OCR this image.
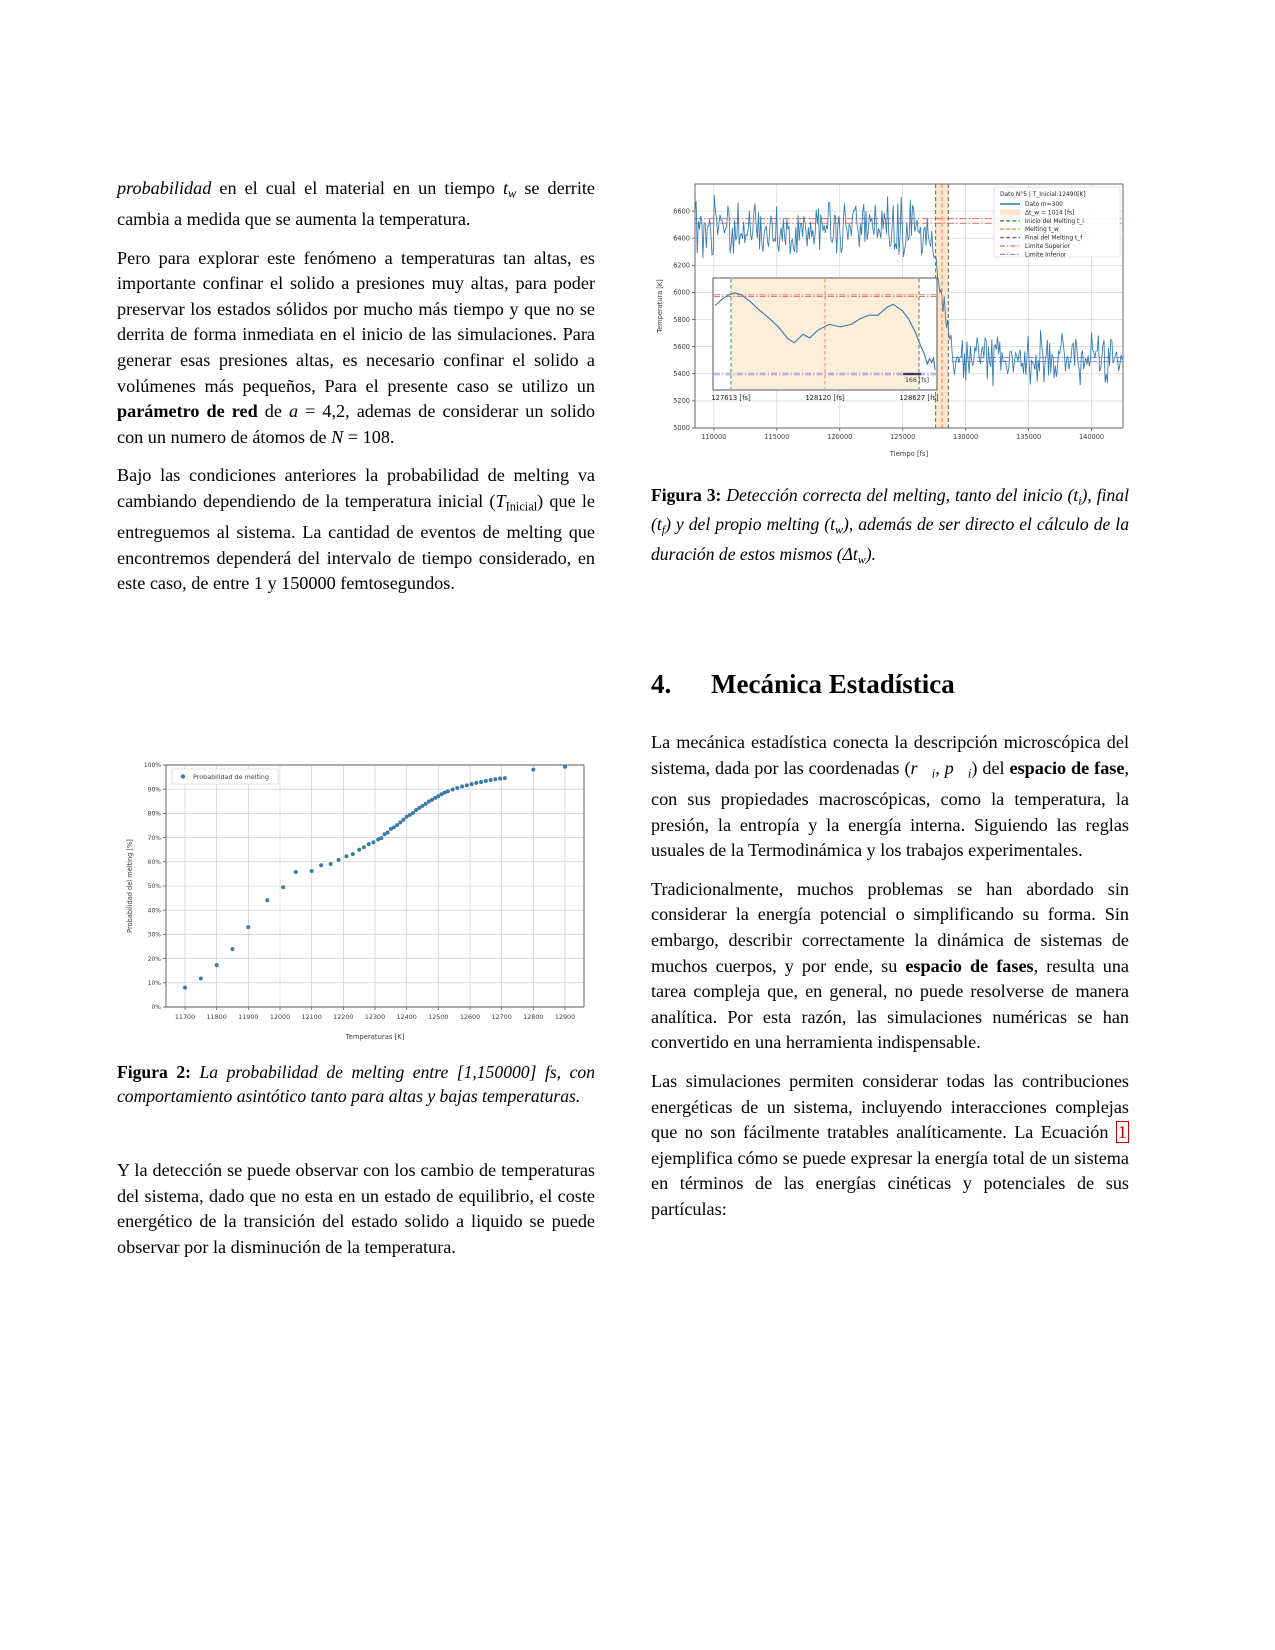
probabilidad en el cual el material en un tiempo tw se derrite cambia a medida que se aumenta la temperatura.

Pero para explorar este fenómeno a temperaturas tan altas, es importante confinar el solido a presiones muy altas, para poder preservar los estados sólidos por mucho más tiempo y que no se derrita de forma inmediata en el inicio de las simulaciones. Para generar esas presiones altas, es necesario confinar el solido a volúmenes más pequeños, Para el presente caso se utilizo un parámetro de red de a = 4,2, ademas de considerar un solido con un numero de átomos de N = 108.

Bajo las condiciones anteriores la probabilidad de melting va cambiando dependiendo de la temperatura inicial $(T_{Inicial})$ que le entreguemos al sistema. La cantidad de eventos de melting que encontremos dependerá del intervalo de tiempo considerado, en este caso, de entre 1 y 150000 femtosegundos.

0%
10%
20%
30%
40%
50%
60%
70%
80%
90%
100%
11700 11800 11900 12000 12100 12200 12300 12400 12500 12600 12700 12800 12900
Temperaturas [K]
Probabilidad del melting [%]
Probabilidad de melting

Figura 2: La probabilidad de melting entre [1,150000] fs, con comportamiento asintótico tanto para altas y bajas temperaturas.

Y la detección se puede observar con los cambio de temperaturas del sistema, dado que no esta en un estado de equilibrio, el coste energético de la transición del estado solido a liquido se puede observar por la disminución de la temperatura.

5000
5200
5400
5600
5800
6000
6200
6400
6600
110000	115000	120000	125000	130000	135000	140000
Tiempo [fs]
Temperatura [K]
166 [fs]
127613 [fs]	128120 [fs]	128627 [fs]
Dato N°5 | T_Inicial:12490[K]
Dato m=300
Δt_w = 1014 [fs]
Inicio del Melting t_i
Melting t_w
Final del Melting t_f
Limite Superior
Limite Inferior

Figura 3: Detección correcta del melting, tanto del inicio (ti), final (tf) y del propio melting (tw), además de ser directo el cálculo de la duración de estos mismos (Δtw).

4. Mecánica Estadística

La mecánica estadística conecta la descripción microscópica del sistema, dada por las coordenadas (r⃗i, p⃗i) del espacio de fase, con sus propiedades macroscópicas, como la temperatura, la presión, la entropía y la energía interna. Siguiendo las reglas usuales de la Termodinámica y los trabajos experimentales.

Tradicionalmente, muchos problemas se han abordado sin considerar la energía potencial o simplificando su forma. Sin embargo, describir correctamente la dinámica de sistemas de muchos cuerpos, y por ende, su espacio de fases, resulta una tarea compleja que, en general, no puede resolverse de manera analítica. Por esta razón, las simulaciones numéricas se han convertido en una herramienta indispensable.

Las simulaciones permiten considerar todas las contribuciones energéticas de un sistema, incluyendo interacciones complejas que no son fácilmente tratables analíticamente. La Ecuación 1 ejemplifica cómo se puede expresar la energía total de un sistema en términos de las energías cinéticas y potenciales de sus partículas:
